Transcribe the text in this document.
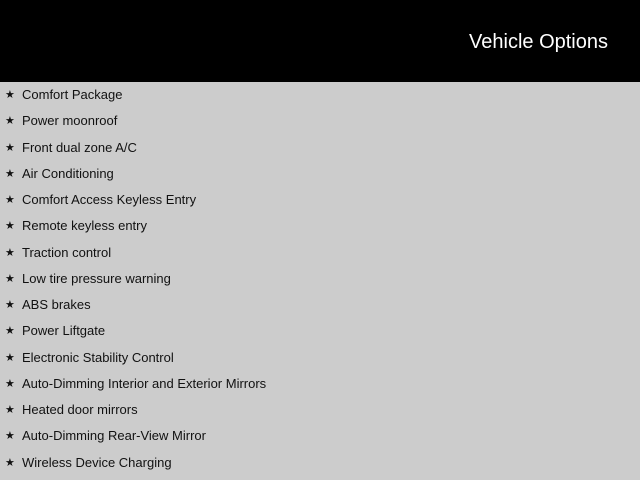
Vehicle Options
★ Comfort Package
★ Power moonroof
★ Front dual zone A/C
★ Air Conditioning
★ Comfort Access Keyless Entry
★ Remote keyless entry
★ Traction control
★ Low tire pressure warning
★ ABS brakes
★ Power Liftgate
★ Electronic Stability Control
★ Auto-Dimming Interior and Exterior Mirrors
★ Heated door mirrors
★ Auto-Dimming Rear-View Mirror
★ Wireless Device Charging
